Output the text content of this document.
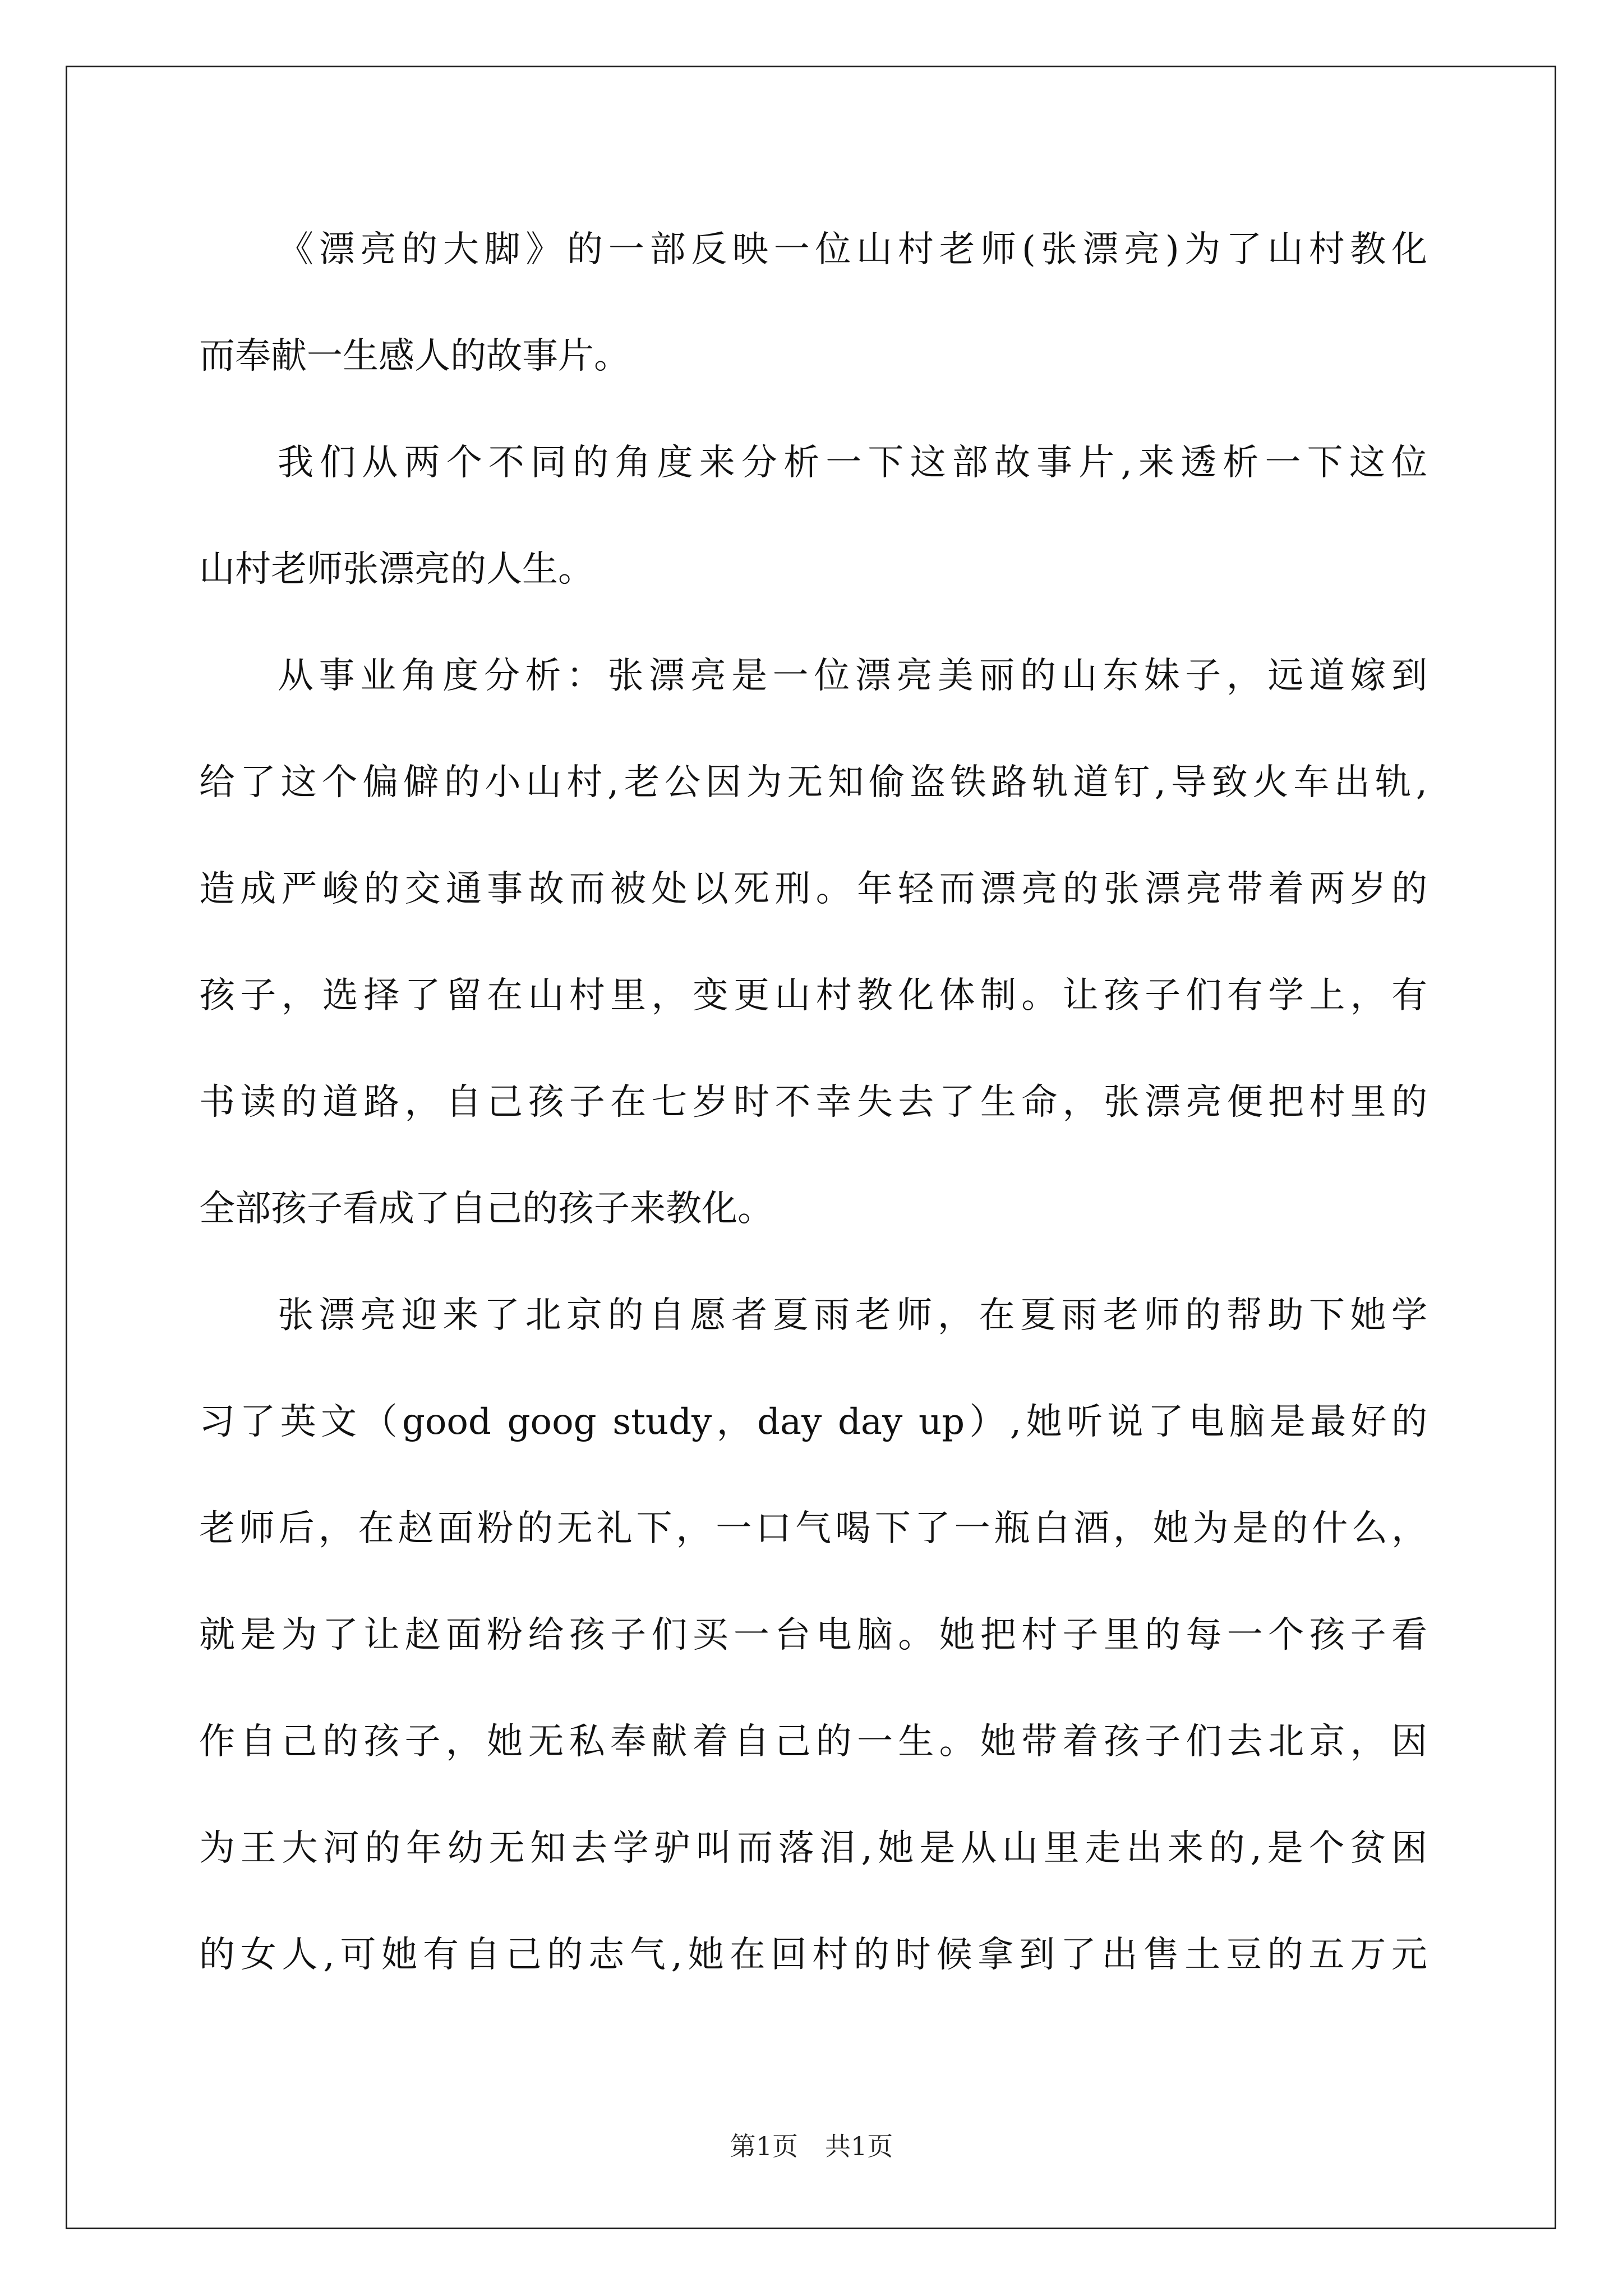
《漂亮的大脚》的一部反映一位山村老师(张漂亮)为了山村教化
而奉献一生感人的故事片。
我们从两个不同的角度来分析一下这部故事片,来透析一下这位
山村老师张漂亮的人生。
从事业角度分析：张漂亮是一位漂亮美丽的山东妹子，远道嫁到
给了这个偏僻的小山村,老公因为无知偷盗铁路轨道钉,导致火车出轨,
造成严峻的交通事故而被处以死刑。年轻而漂亮的张漂亮带着两岁的
孩子，选择了留在山村里，变更山村教化体制。让孩子们有学上，有
书读的道路，自己孩子在七岁时不幸失去了生命，张漂亮便把村里的
全部孩子看成了自己的孩子来教化。
张漂亮迎来了北京的自愿者夏雨老师，在夏雨老师的帮助下她学
习了英文（good goog study，day day up）,她听说了电脑是最好的
老师后，在赵面粉的无礼下，一口气喝下了一瓶白酒，她为是的什么，
就是为了让赵面粉给孩子们买一台电脑。她把村子里的每一个孩子看
作自己的孩子，她无私奉献着自己的一生。她带着孩子们去北京，因
为王大河的年幼无知去学驴叫而落泪,她是从山里走出来的,是个贫困
的女人,可她有自己的志气,她在回村的时候拿到了出售土豆的五万元
第1页 共1页
